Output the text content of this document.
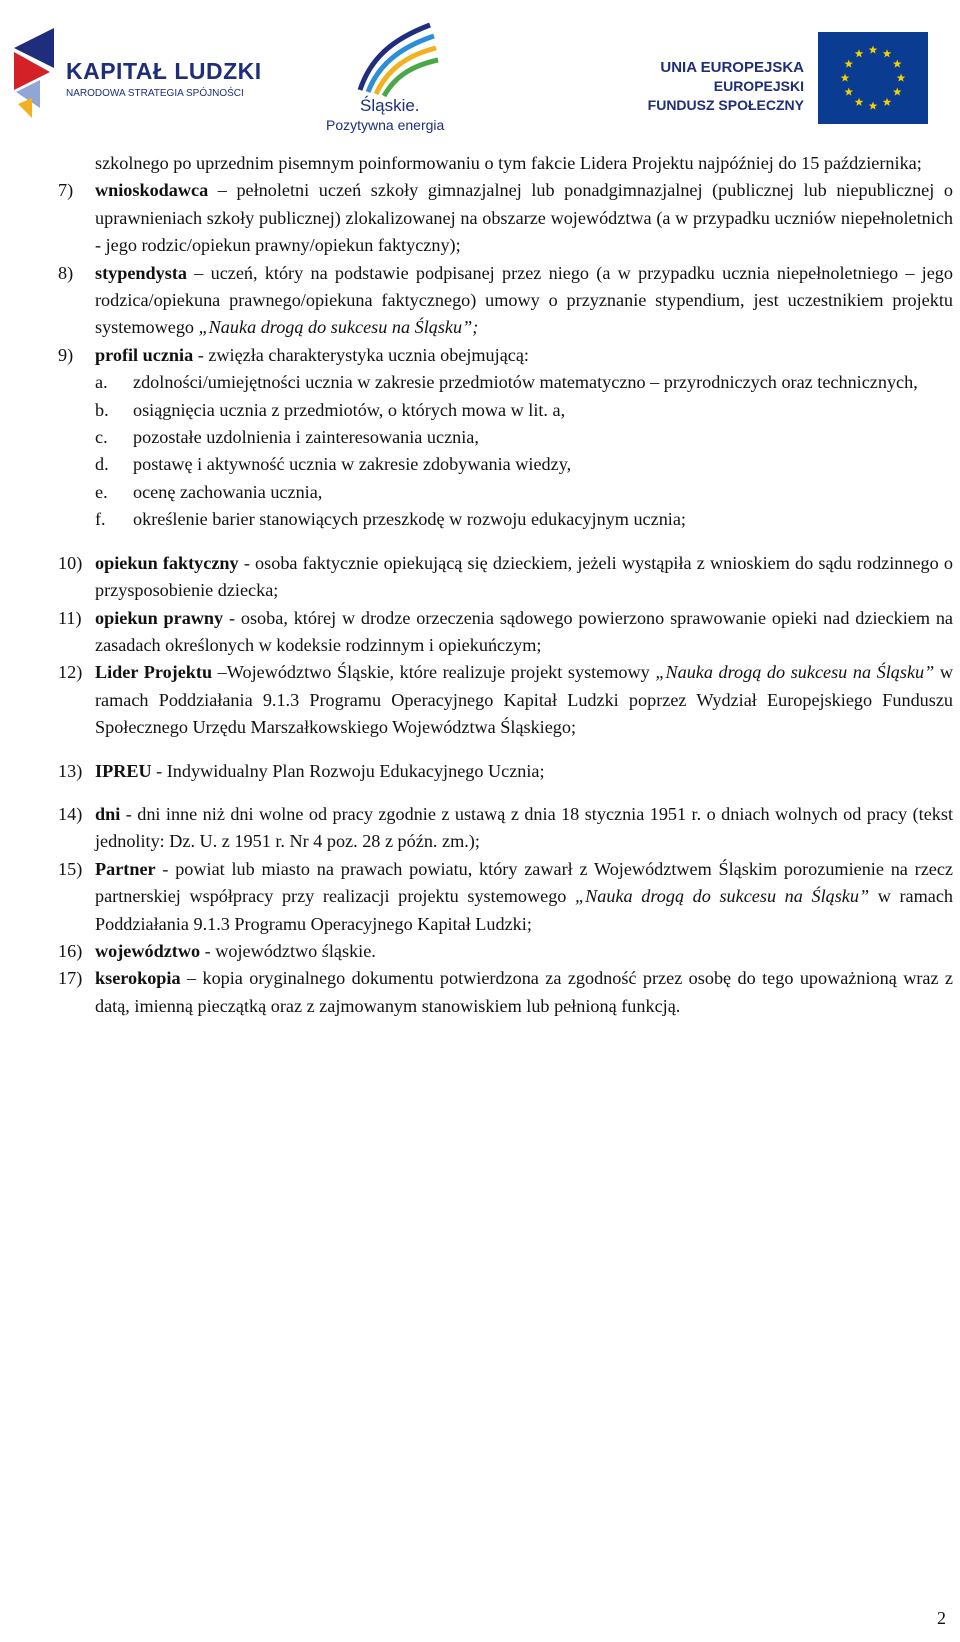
KAPITAŁ LUDZKI
NARODOWA STRATEGIA SPÓJNOŚCI
Śląskie.
Pozytywna energia
UNIA EUROPEJSKA
EUROPEJSKI
FUNDUSZ SPOŁECZNY

szkolnego po uprzednim pisemnym poinformowaniu o tym fakcie Lidera Projektu najpóźniej do 15 października;

7) wnioskodawca – pełnoletni uczeń szkoły gimnazjalnej lub ponadgimnazjalnej (publicznej lub niepublicznej o uprawnieniach szkoły publicznej) zlokalizowanej na obszarze województwa (a w przypadku uczniów niepełnoletnich - jego rodzic/opiekun prawny/opiekun faktyczny);

8) stypendysta – uczeń, który na podstawie podpisanej przez niego (a w przypadku ucznia niepełnoletniego – jego rodzica/opiekuna prawnego/opiekuna faktycznego) umowy o przyznanie stypendium, jest uczestnikiem projektu systemowego „Nauka drogą do sukcesu na Śląsku”;

9) profil ucznia - zwięzła charakterystyka ucznia obejmującą:

a. zdolności/umiejętności ucznia w zakresie przedmiotów matematyczno – przyrodniczych oraz technicznych,

b. osiągnięcia ucznia z przedmiotów, o których mowa w lit. a,

c. pozostałe uzdolnienia i zainteresowania ucznia,

d. postawę i aktywność ucznia w zakresie zdobywania wiedzy,

e. ocenę zachowania ucznia,

f. określenie barier stanowiących przeszkodę w rozwoju edukacyjnym ucznia;

10) opiekun faktyczny - osoba faktycznie opiekującą się dzieckiem, jeżeli wystąpiła z wnioskiem do sądu rodzinnego o przysposobienie dziecka;

11) opiekun prawny - osoba, której w drodze orzeczenia sądowego powierzono sprawowanie opieki nad dzieckiem na zasadach określonych w kodeksie rodzinnym i opiekuńczym;

12) Lider Projektu –Województwo Śląskie, które realizuje projekt systemowy „Nauka drogą do sukcesu na Śląsku” w ramach Poddziałania 9.1.3 Programu Operacyjnego Kapitał Ludzki poprzez Wydział Europejskiego Funduszu Społecznego Urzędu Marszałkowskiego Województwa Śląskiego;

13) IPREU - Indywidualny Plan Rozwoju Edukacyjnego Ucznia;

14) dni - dni inne niż dni wolne od pracy zgodnie z ustawą z dnia 18 stycznia 1951 r. o dniach wolnych od pracy (tekst jednolity: Dz. U. z 1951 r. Nr 4 poz. 28 z późn. zm.);

15) Partner - powiat lub miasto na prawach powiatu, który zawarł z Województwem Śląskim porozumienie na rzecz partnerskiej współpracy przy realizacji projektu systemowego „Nauka drogą do sukcesu na Śląsku” w ramach Poddziałania 9.1.3 Programu Operacyjnego Kapitał Ludzki;

16) województwo - województwo śląskie.

17) kserokopia – kopia oryginalnego dokumentu potwierdzona za zgodność przez osobę do tego upoważnioną wraz z datą, imienną pieczątką oraz z zajmowanym stanowiskiem lub pełnioną funkcją.

2
